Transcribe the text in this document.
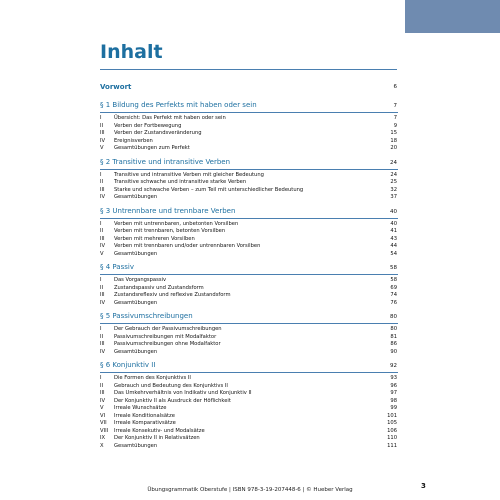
Inhalt
Vorwort	6
§ 1 Bildung des Perfekts mit haben oder sein	7
I	Übersicht: Das Perfekt mit haben oder sein	7
II	Verben der Fortbewegung	9
III	Verben der Zustandsveränderung	15
IV	Ereignisverben	18
V	Gesamtübungen zum Perfekt	20
§ 2 Transitive und intransitive Verben	24
I	Transitive und intransitive Verben mit gleicher Bedeutung	24
II	Transitive schwache und intransitive starke Verben	25
III	Starke und schwache Verben – zum Teil mit unterschiedlicher Bedeutung	32
IV	Gesamtübungen	37
§ 3 Untrennbare und trennbare Verben	40
I	Verben mit untrennbaren, unbetonten Vorsilben	40
II	Verben mit trennbaren, betonten Vorsilben	41
III	Verben mit mehreren Vorsilben	43
IV	Verben mit trennbaren und/oder untrennbaren Vorsilben	44
V	Gesamtübungen	54
§ 4 Passiv	58
I	Das Vorgangspassiv	58
II	Zustandspassiv und Zustandsform	69
III	Zustandsreflexiv und reflexive Zustandsform	74
IV	Gesamtübungen	76
§ 5 Passivumschreibungen	80
I	Der Gebrauch der Passivumschreibungen	80
II	Passivumschreibungen mit Modalfaktor	81
III	Passivumschreibungen ohne Modalfaktor	86
IV	Gesamtübungen	90
§ 6 Konjunktiv II	92
I	Die Formen des Konjunktivs II	93
II	Gebrauch und Bedeutung des Konjunktivs II	96
III	Das Umkehrverhältnis von Indikativ und Konjunktiv II	97
IV	Der Konjunktiv II als Ausdruck der Höflichkeit	98
V	Irreale Wunschsätze	99
VI	Irreale Konditionalsätze	101
VII	Irreale Komparativsätze	105
VIII	Irreale Konsekutiv- und Modalsätze	106
IX	Der Konjunktiv II in Relativsätzen	110
X	Gesamtübungen	111
Übungsgrammatik Oberstufe | ISBN 978-3-19-207448-6 | © Hueber Verlag	3
